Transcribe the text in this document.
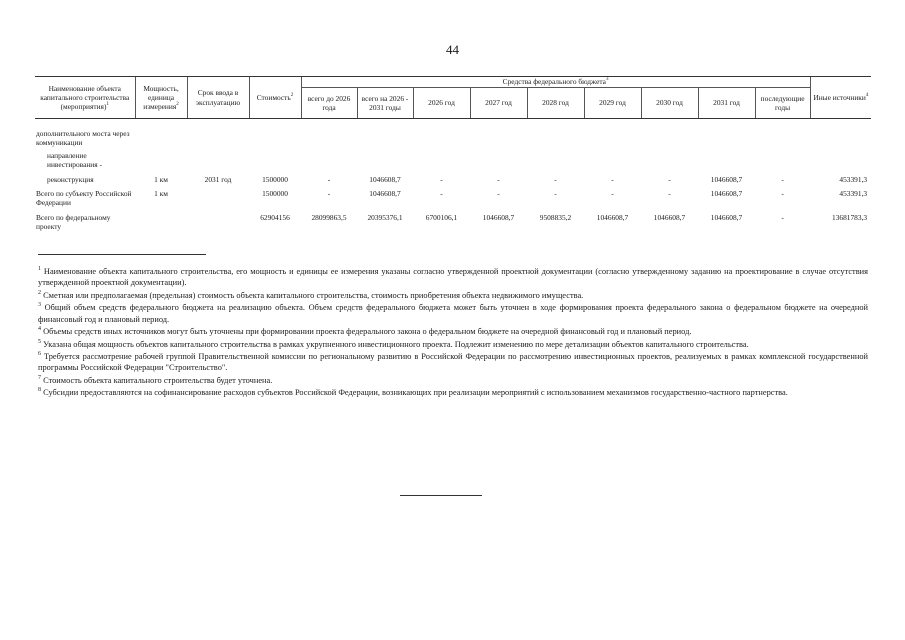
44
Наименование объекта капитального строительства (мероприятия)$^1$	Мощность, единица измерения$^2$	Срок ввода в эксплуатацию	Стоимость$^2$	Средства федерального бюджета$^3$									Иные источники$^4$
				всего до 2026 года	всего на 2026 - 2031 годы	2026 год	2027 год	2028 год	2029 год	2030 год	2031 год	последующие годы	

дополнительного моста через коммуникации													
направление инвестирования -													
реконструкция	1 км	2031 год	1500000	-	1046608,7	-	-	-	-	-	1046608,7	-	453391,3
Всего по субъекту Российской Федерации	1 км		1500000	-	1046608,7	-	-	-	-	-	1046608,7	-	453391,3
Всего по федеральному проекту			62904156	28099863,5	20395376,1	6700106,1	1046608,7	9508835,2	1046608,7	1046608,7	1046608,7	-	13681783,3

$^1$ Наименование объекта капитального строительства, его мощность и единицы ее измерения указаны согласно утвержденной проектной документации (согласно утвержденному заданию на проектирование в случае отсутствия утвержденной проектной документации).

$^2$ Сметная или предполагаемая (предельная) стоимость объекта капитального строительства, стоимость приобретения объекта недвижимого имущества.

$^3$ Общий объем средств федерального бюджета на реализацию объекта. Объем средств федерального бюджета может быть уточнен в ходе формирования проекта федерального закона о федеральном бюджете на очередной финансовый год и плановый период.

$^4$ Объемы средств иных источников могут быть уточнены при формировании проекта федерального закона о федеральном бюджете на очередной финансовый год и плановый период.

$^5$ Указана общая мощность объектов капитального строительства в рамках укрупненного инвестиционного проекта. Подлежит изменению по мере детализации объектов капитального строительства.

$^6$ Требуется рассмотрение рабочей группой Правительственной комиссии по региональному развитию в Российской Федерации по рассмотрению инвестиционных проектов, реализуемых в рамках комплексной государственной программы Российской Федерации "Строительство".

$^7$ Стоимость объекта капитального строительства будет уточнена.

$^8$ Субсидии предоставляются на софинансирование расходов субъектов Российской Федерации, возникающих при реализации мероприятий с использованием механизмов государственно-частного партнерства.
